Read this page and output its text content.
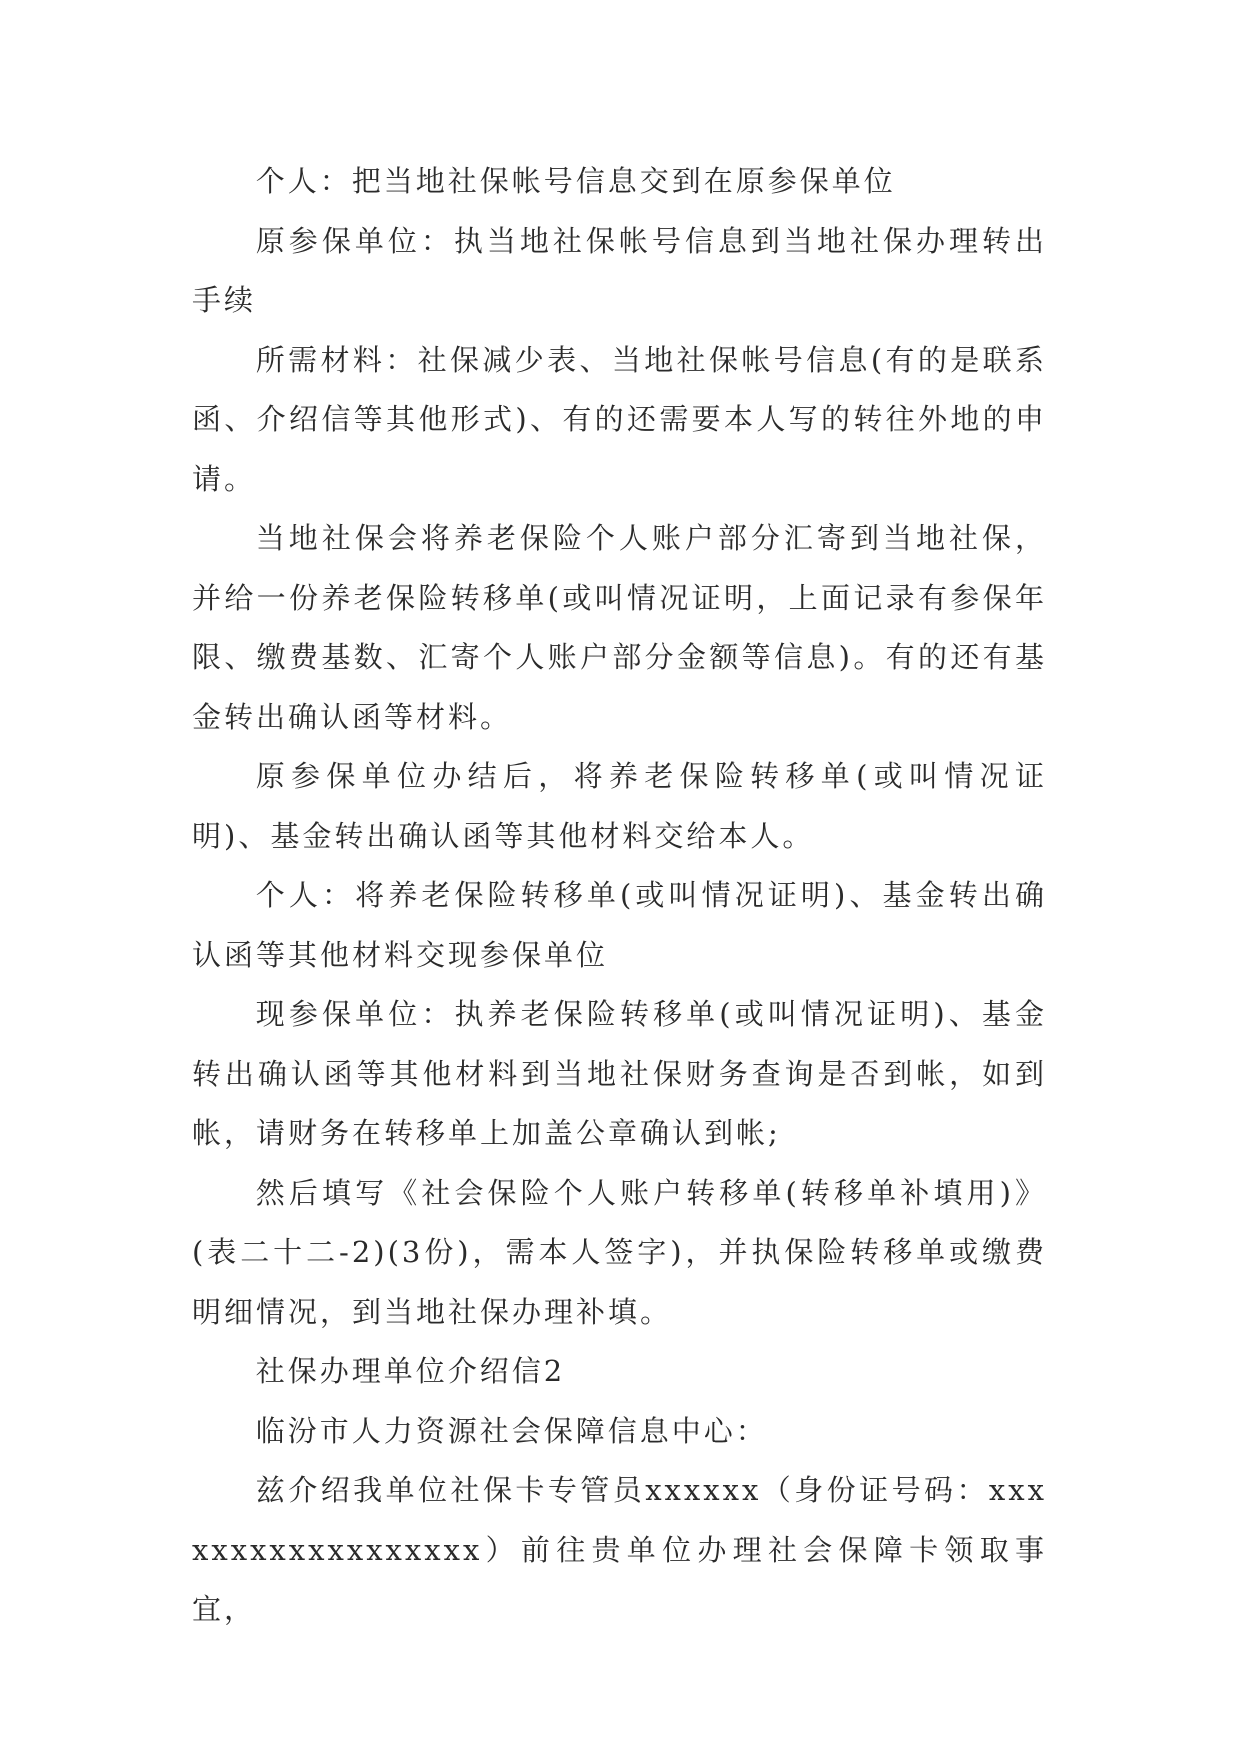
个人：把当地社保帐号信息交到在原参保单位

原参保单位：执当地社保帐号信息到当地社保办理转出手续

所需材料：社保减少表、当地社保帐号信息(有的是联系函、介绍信等其他形式)、有的还需要本人写的转往外地的申请。

当地社保会将养老保险个人账户部分汇寄到当地社保，并给一份养老保险转移单(或叫情况证明，上面记录有参保年限、缴费基数、汇寄个人账户部分金额等信息)。有的还有基金转出确认函等材料。

原参保单位办结后，将养老保险转移单(或叫情况证明)、基金转出确认函等其他材料交给本人。

个人：将养老保险转移单(或叫情况证明)、基金转出确认函等其他材料交现参保单位

现参保单位：执养老保险转移单(或叫情况证明)、基金转出确认函等其他材料到当地社保财务查询是否到帐，如到帐，请财务在转移单上加盖公章确认到帐;

然后填写《社会保险个人账户转移单(转移单补填用)》(表二十二-2)(3份)，需本人签字)，并执保险转移单或缴费明细情况，到当地社保办理补填。

社保办理单位介绍信2

临汾市人力资源社会保障信息中心：

兹介绍我单位社保卡专管员xxxxxx（身份证号码：xxxxxxxxxxxxxxxxxx）前往贵单位办理社会保障卡领取事宜，
